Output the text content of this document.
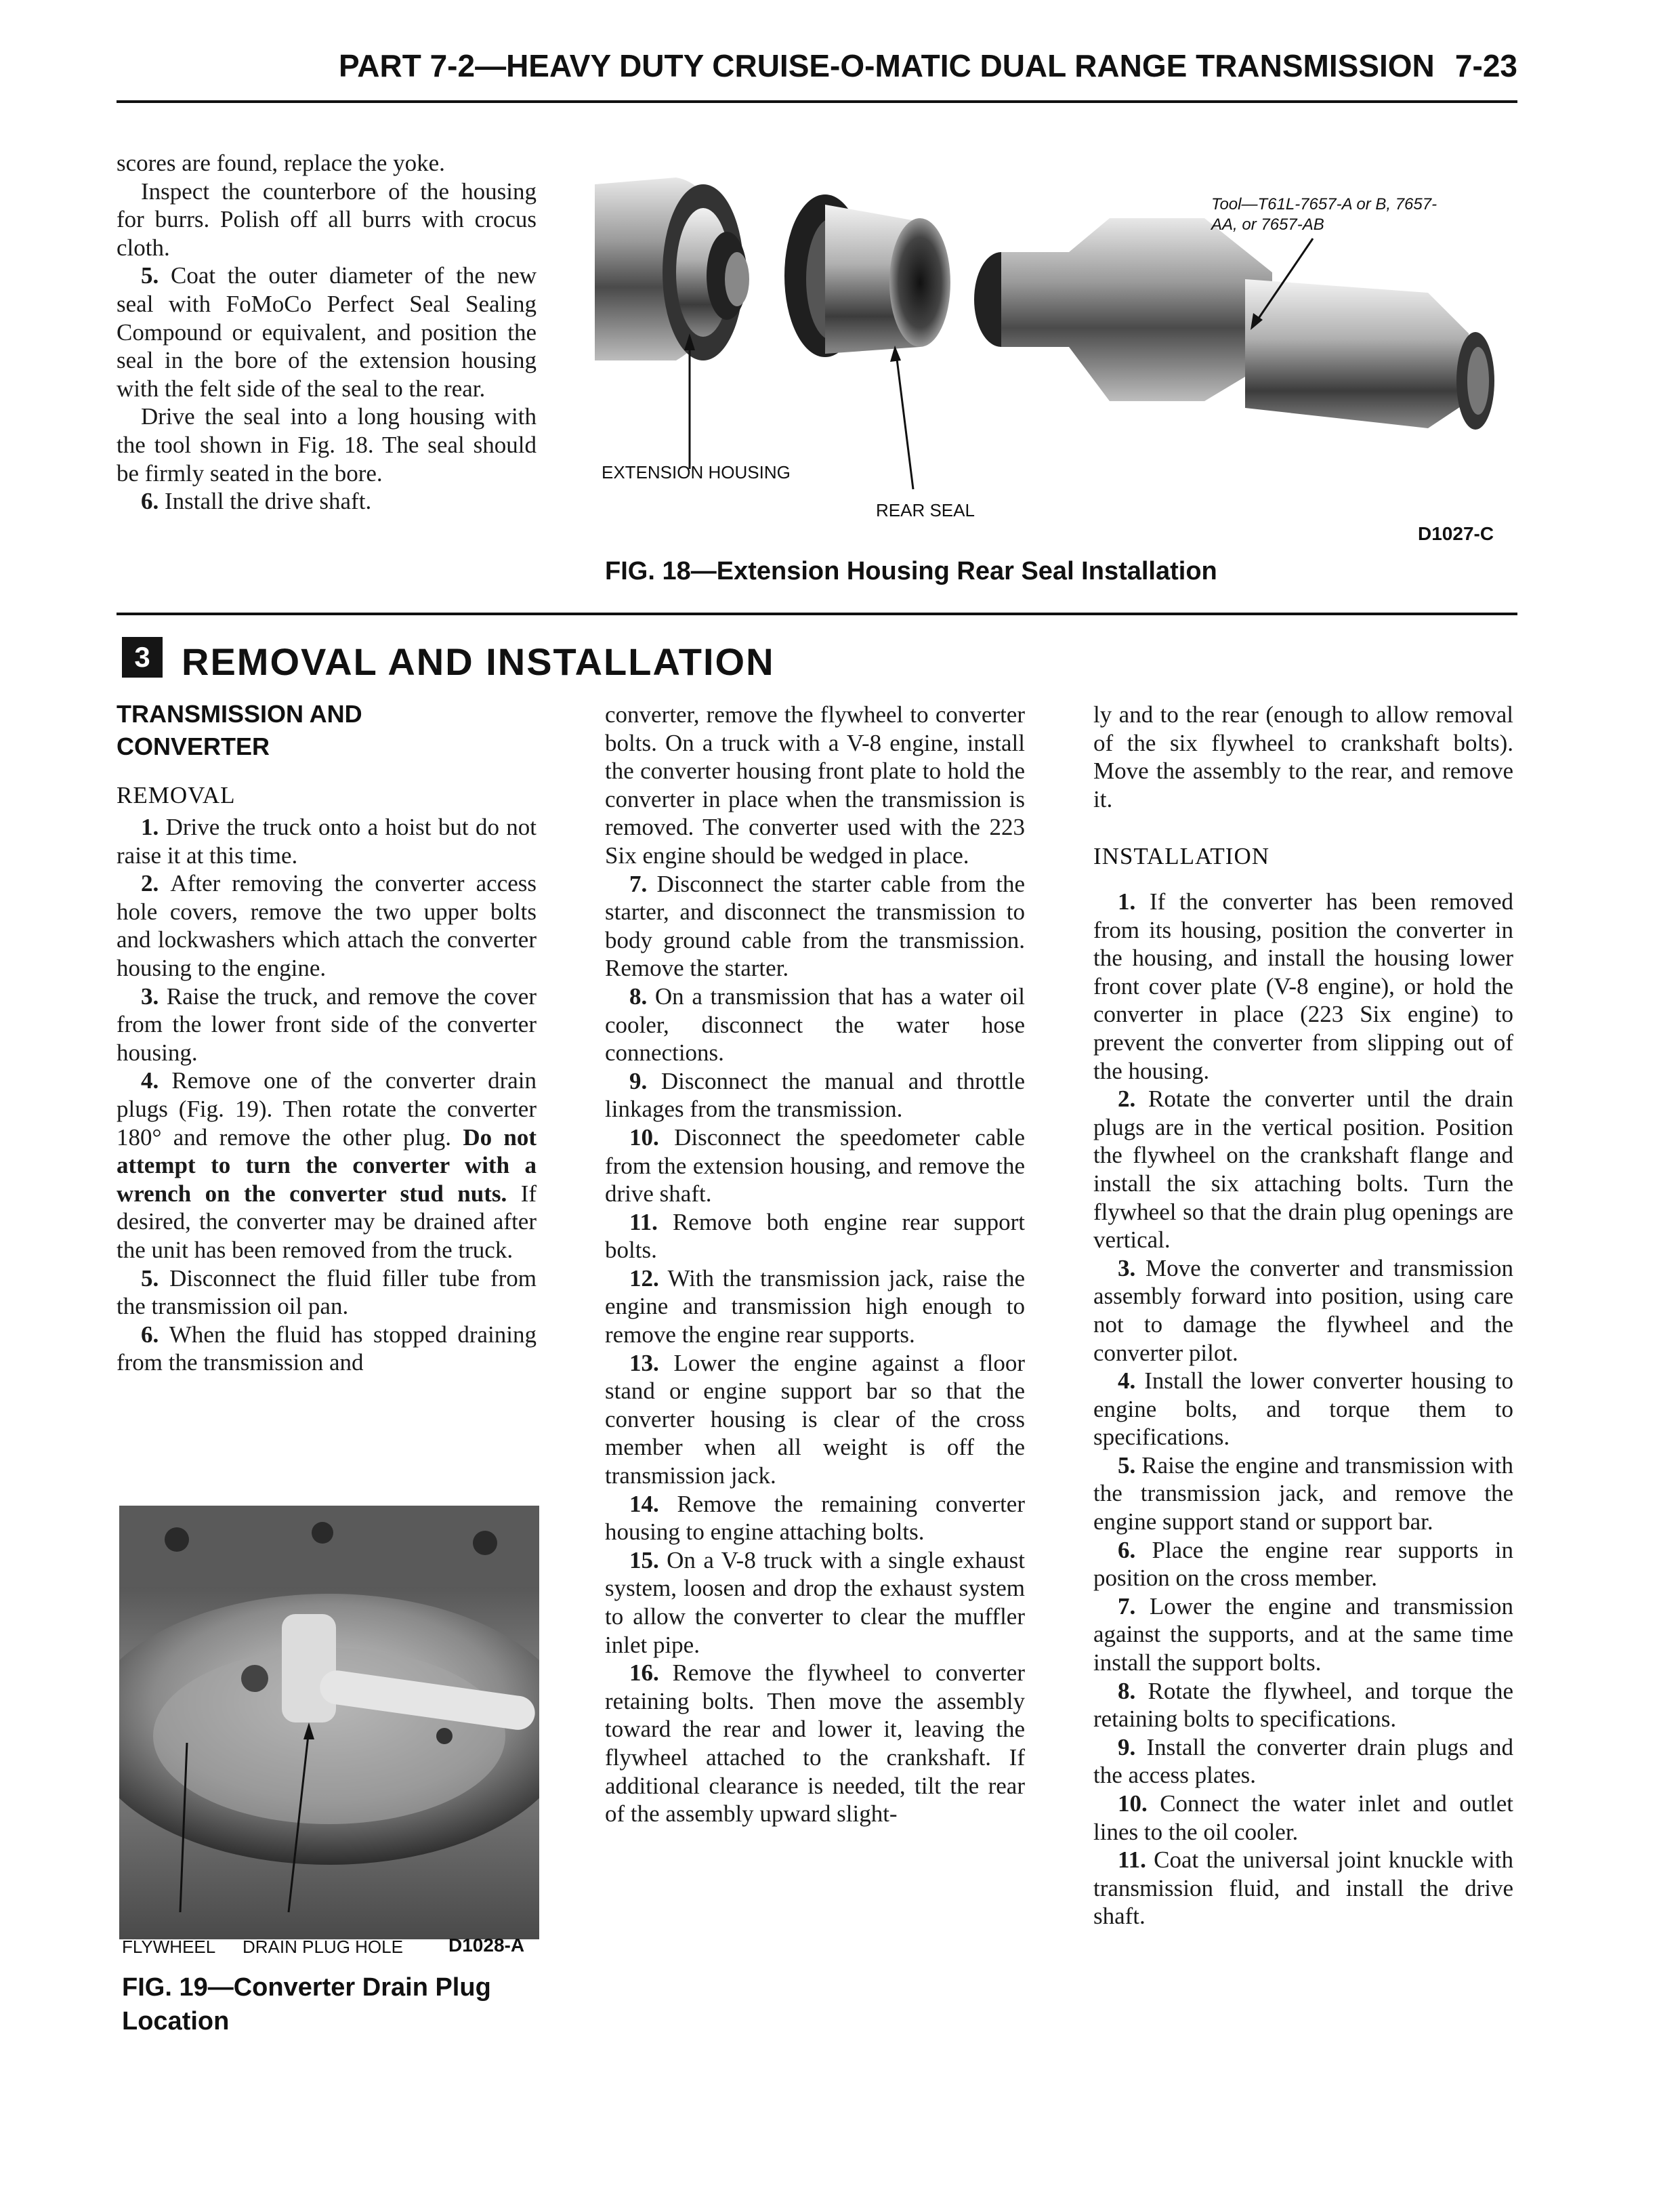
PART 7-2—HEAVY DUTY CRUISE-O-MATIC DUAL RANGE TRANSMISSION 7-23

scores are found, replace the yoke.

Inspect the counterbore of the housing for burrs. Polish off all burrs with crocus cloth.

5. Coat the outer diameter of the new seal with FoMoCo Perfect Seal Sealing Compound or equivalent, and position the seal in the bore of the extension housing with the felt side of the seal to the rear.

Drive the seal into a long housing with the tool shown in Fig. 18. The seal should be firmly seated in the bore.

6. Install the drive shaft.

EXTENSION HOUSING
REAR SEAL
Tool—T61L-7657-A or B, 7657-AA, or 7657-AB
D1027-C
FIG. 18—Extension Housing Rear Seal Installation
3 REMOVAL AND INSTALLATION
TRANSMISSION AND
CONVERTER
REMOVAL

1. Drive the truck onto a hoist but do not raise it at this time.

2. After removing the converter access hole covers, remove the two upper bolts and lockwashers which attach the converter housing to the engine.

3. Raise the truck, and remove the cover from the lower front side of the converter housing.

4. Remove one of the converter drain plugs (Fig. 19). Then rotate the converter 180° and remove the other plug. Do not attempt to turn the converter with a wrench on the converter stud nuts. If desired, the converter may be drained after the unit has been removed from the truck.

5. Disconnect the fluid filler tube from the transmission oil pan.

6. When the fluid has stopped draining from the transmission and

FLYWHEEL DRAIN PLUG HOLE D1028-A
FIG. 19—Converter Drain Plug
Location

converter, remove the flywheel to converter bolts. On a truck with a V-8 engine, install the converter housing front plate to hold the converter in place when the transmission is removed. The converter used with the 223 Six engine should be wedged in place.

7. Disconnect the starter cable from the starter, and disconnect the transmission to body ground cable from the transmission. Remove the starter.

8. On a transmission that has a water oil cooler, disconnect the water hose connections.

9. Disconnect the manual and throttle linkages from the transmission.

10. Disconnect the speedometer cable from the extension housing, and remove the drive shaft.

11. Remove both engine rear support bolts.

12. With the transmission jack, raise the engine and transmission high enough to remove the engine rear supports.

13. Lower the engine against a floor stand or engine support bar so that the converter housing is clear of the cross member when all weight is off the transmission jack.

14. Remove the remaining converter housing to engine attaching bolts.

15. On a V-8 truck with a single exhaust system, loosen and drop the exhaust system to allow the converter to clear the muffler inlet pipe.

16. Remove the flywheel to converter retaining bolts. Then move the assembly toward the rear and lower it, leaving the flywheel attached to the crankshaft. If additional clearance is needed, tilt the rear of the assembly upward slight-

ly and to the rear (enough to allow removal of the six flywheel to crankshaft bolts). Move the assembly to the rear, and remove it.

INSTALLATION

1. If the converter has been removed from its housing, position the converter in the housing, and install the housing lower front cover plate (V-8 engine), or hold the converter in place (223 Six engine) to prevent the converter from slipping out of the housing.

2. Rotate the converter until the drain plugs are in the vertical position. Position the flywheel on the crankshaft flange and install the six attaching bolts. Turn the flywheel so that the drain plug openings are vertical.

3. Move the converter and transmission assembly forward into position, using care not to damage the flywheel and the converter pilot.

4. Install the lower converter housing to engine bolts, and torque them to specifications.

5. Raise the engine and transmission with the transmission jack, and remove the engine support stand or support bar.

6. Place the engine rear supports in position on the cross member.

7. Lower the engine and transmission against the supports, and at the same time install the support bolts.

8. Rotate the flywheel, and torque the retaining bolts to specifications.

9. Install the converter drain plugs and the access plates.

10. Connect the water inlet and outlet lines to the oil cooler.

11. Coat the universal joint knuckle with transmission fluid, and install the drive shaft.
